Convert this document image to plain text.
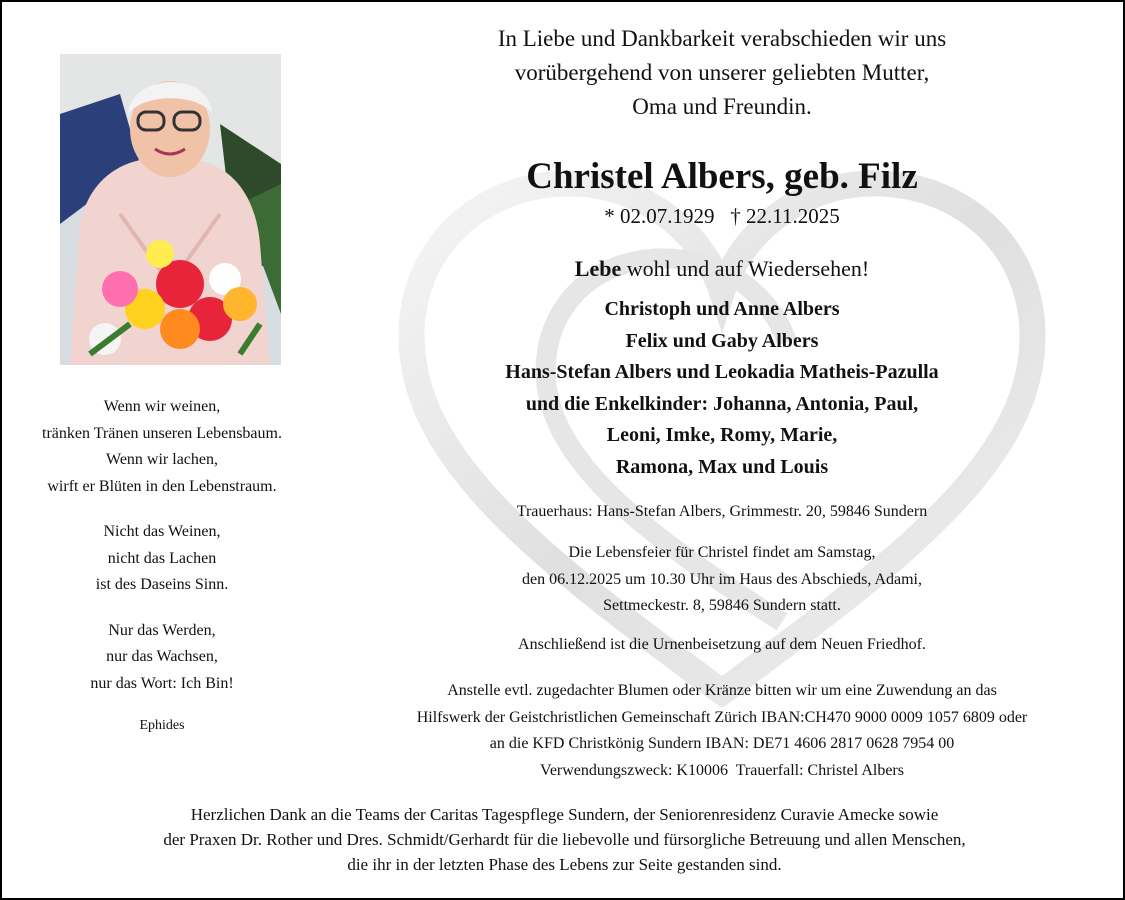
In Liebe und Dankbarkeit verabschieden wir uns
vorübergehend von unserer geliebten Mutter,
Oma und Freundin.
Christel Albers, geb. Filz
* 02.07.1929   † 22.11.2025
Lebe wohl und auf Wiedersehen!
Christoph und Anne Albers
Felix und Gaby Albers
Hans-Stefan Albers und Leokadia Matheis-Pazulla
und die Enkelkinder: Johanna, Antonia, Paul,
Leoni, Imke, Romy, Marie,
Ramona, Max und Louis
Trauerhaus: Hans-Stefan Albers, Grimmestr. 20, 59846 Sundern
Die Lebensfeier für Christel findet am Samstag,
den 06.12.2025 um 10.30 Uhr im Haus des Abschieds, Adami,
Settmeckestr. 8, 59846 Sundern statt.
Anschließend ist die Urnenbeisetzung auf dem Neuen Friedhof.
Anstelle evtl. zugedachter Blumen oder Kränze bitten wir um eine Zuwendung an das
Hilfswerk der Geistchristlichen Gemeinschaft Zürich IBAN:CH470 9000 0009 1057 6809 oder
an die KFD Christkönig Sundern IBAN: DE71 4606 2817 0628 7954 00
Verwendungszweck: K10006  Trauerfall: Christel Albers

Wenn wir weinen,
tränken Tränen unseren Lebensbaum.
Wenn wir lachen,
wirft er Blüten in den Lebenstraum.

Nicht das Weinen,
nicht das Lachen
ist des Daseins Sinn.

Nur das Werden,
nur das Wachsen,
nur das Wort: Ich Bin!

Ephides
Herzlichen Dank an die Teams der Caritas Tagespflege Sundern, der Seniorenresidenz Curavie Amecke sowie
der Praxen Dr. Rother und Dres. Schmidt/Gerhardt für die liebevolle und fürsorgliche Betreuung und allen Menschen,
die ihr in der letzten Phase des Lebens zur Seite gestanden sind.
